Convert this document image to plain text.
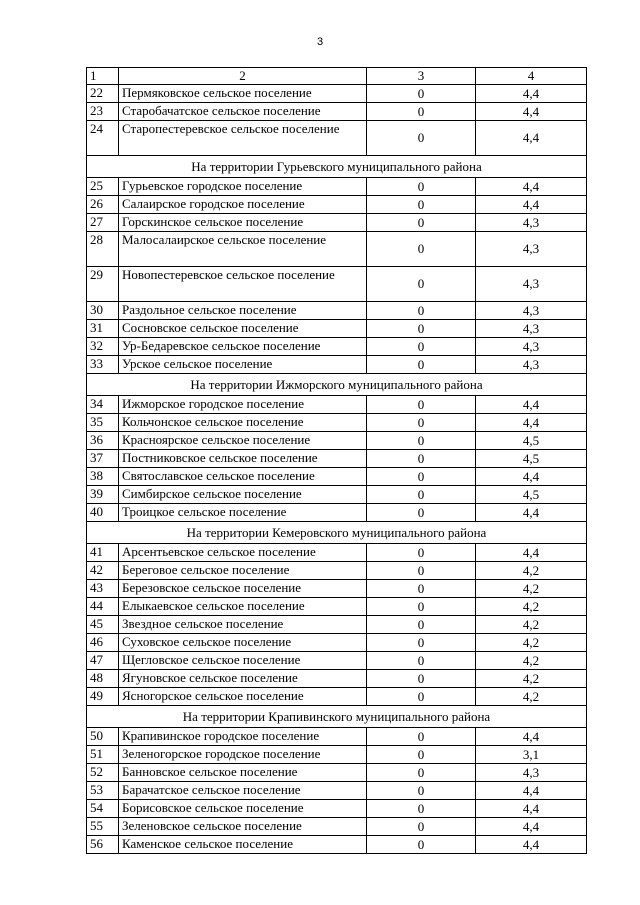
3
1	2	3	4
22	Пермяковское сельское поселение	0	4,4
23	Старобачатское сельское поселение	0	4,4
24	Старопестеревское сельское поселение	0	4,4
На территории Гурьевского муниципального района			
25	Гурьевское городское поселение	0	4,4
26	Салаирское городское поселение	0	4,4
27	Горскинское сельское поселение	0	4,3
28	Малосалаирское сельское поселение	0	4,3
29	Новопестеревское сельское поселение	0	4,3
30	Раздольное сельское поселение	0	4,3
31	Сосновское сельское поселение	0	4,3
32	Ур-Бедаревское сельское поселение	0	4,3
33	Урское сельское поселение	0	4,3
На территории Ижморского муниципального района			
34	Ижморское городское поселение	0	4,4
35	Кольчонское сельское поселение	0	4,4
36	Красноярское сельское поселение	0	4,5
37	Постниковское сельское поселение	0	4,5
38	Святославское сельское поселение	0	4,4
39	Симбирское сельское поселение	0	4,5
40	Троицкое сельское поселение	0	4,4
На территории Кемеровского муниципального района			
41	Арсентьевское сельское поселение	0	4,4
42	Береговое сельское поселение	0	4,2
43	Березовское сельское поселение	0	4,2
44	Елыкаевское сельское поселение	0	4,2
45	Звездное сельское поселение	0	4,2
46	Суховское сельское поселение	0	4,2
47	Щегловское сельское поселение	0	4,2
48	Ягуновское сельское поселение	0	4,2
49	Ясногорское сельское поселение	0	4,2
На территории Крапивинского муниципального района			
50	Крапивинское городское поселение	0	4,4
51	Зеленогорское городское поселение	0	3,1
52	Банновское сельское поселение	0	4,3
53	Барачатское сельское поселение	0	4,4
54	Борисовское сельское поселение	0	4,4
55	Зеленовское сельское поселение	0	4,4
56	Каменское сельское поселение	0	4,4
